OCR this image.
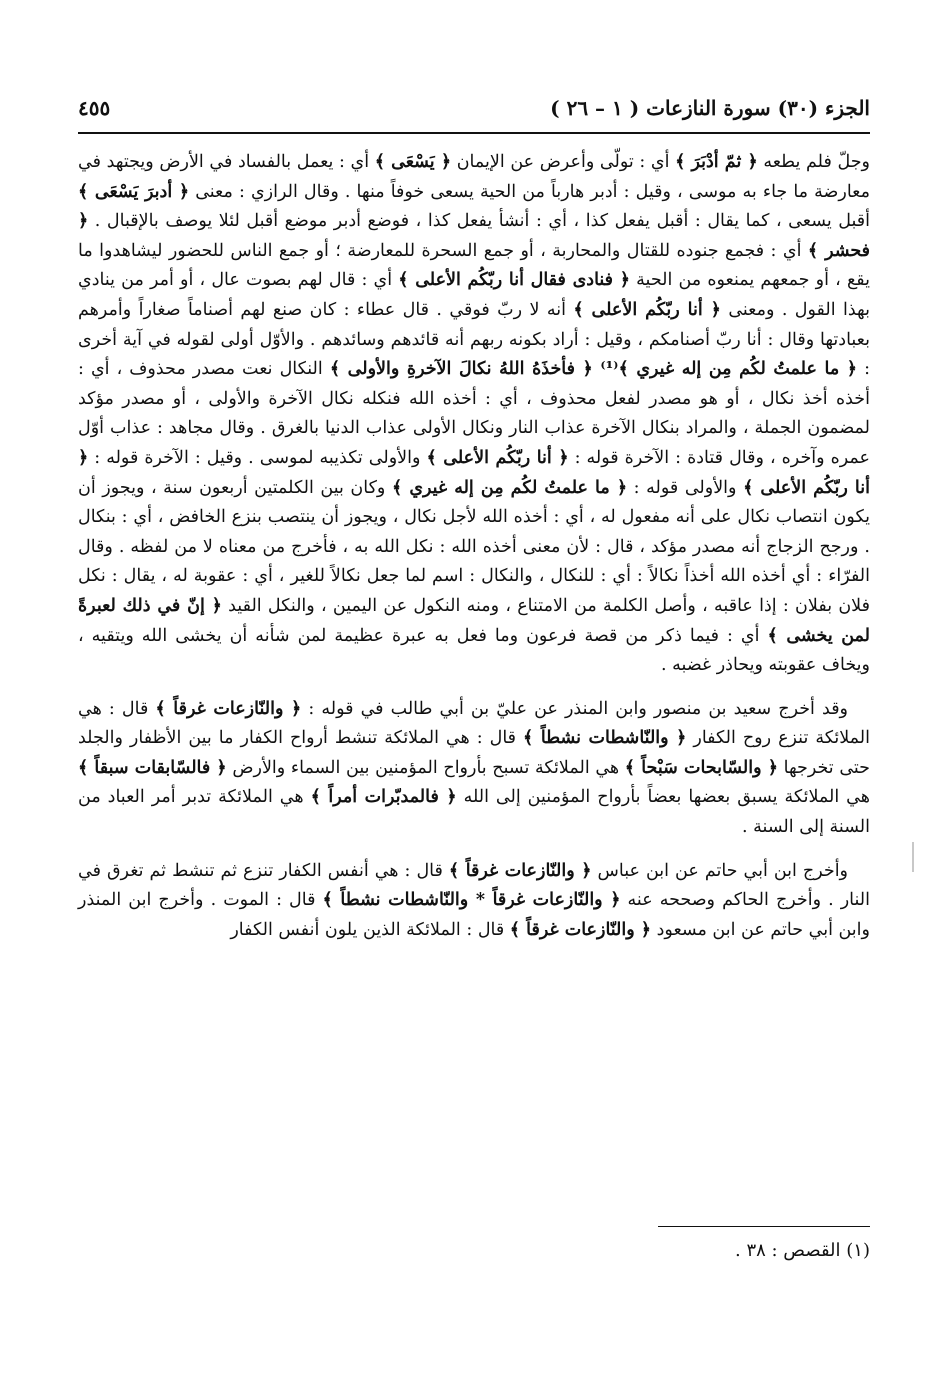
الجزء (٣٠) سورة النازعات ( ١ – ٢٦ )
٤٥٥

وجلّ فلم يطعه ﴿ ثمّ أدْبَرَ ﴾ أي : تولّى وأعرض عن الإيمان ﴿ يَسْعَى ﴾ أي : يعمل بالفساد في الأرض ويجتهد في معارضة ما جاء به موسى ، وقيل : أدبر هارباً من الحية يسعى خوفاً منها . وقال الرازي : معنى ﴿ أدبرَ يَسْعَى ﴾ أقبل يسعى ، كما يقال : أقبل يفعل كذا ، أي : أنشأ يفعل كذا ، فوضع أدبر موضع أقبل لئلا يوصف بالإقبال . ﴿ فحشر ﴾ أي : فجمع جنوده للقتال والمحاربة ، أو جمع السحرة للمعارضة ؛ أو جمع الناس للحضور ليشاهدوا ما يقع ، أو جمعهم يمنعوه من الحية ﴿ فنادى فقال أنا ربّكُم الأعلى ﴾ أي : قال لهم بصوت عال ، أو أمر من ينادي بهذا القول . ومعنى ﴿ أنا ربّكُم الأعلى ﴾ أنه لا ربّ فوقي . قال عطاء : كان صنع لهم أصناماً صغاراً وأمرهم بعبادتها وقال : أنا ربّ أصنامكم ، وقيل : أراد بكونه ربهم أنه قائدهم وسائدهم . والأوّل أولى لقوله في آية أخرى : ﴿ ما علمتُ لكُم مِن إله غيري ﴾⁽¹⁾ ﴿ فأخذَهُ اللهُ نكالَ الآخرةِ والأولى ﴾ النكال نعت مصدر محذوف ، أي : أخذه أخذ نكال ، أو هو مصدر لفعل محذوف ، أي : أخذه الله فنكله نكال الآخرة والأولى ، أو مصدر مؤكد لمضمون الجملة ، والمراد بنكال الآخرة عذاب النار ونكال الأولى عذاب الدنيا بالغرق . وقال مجاهد : عذاب أوّل عمره وآخره ، وقال قتادة : الآخرة قوله : ﴿ أنا ربّكُم الأعلى ﴾ والأولى تكذيبه لموسى . وقيل : الآخرة قوله : ﴿ أنا ربّكُم الأعلى ﴾ والأولى قوله : ﴿ ما علمتُ لكُم مِن إله غيري ﴾ وكان بين الكلمتين أربعون سنة ، ويجوز أن يكون انتصاب نكال على أنه مفعول له ، أي : أخذه الله لأجل نكال ، ويجوز أن ينتصب بنزع الخافض ، أي : بنكال . ورجح الزجاج أنه مصدر مؤكد ، قال : لأن معنى أخذه الله : نكل الله به ، فأخرج من معناه لا من لفظه . وقال الفرّاء : أي أخذه الله أخذاً نكالاً : أي : للنكال ، والنكال : اسم لما جعل نكالاً للغير ، أي : عقوبة له ، يقال : نكل فلان بفلان : إذا عاقبه ، وأصل الكلمة من الامتناع ، ومنه النكول عن اليمين ، والنكل القيد ﴿ إنّ في ذلك لعبرةً لمن يخشى ﴾ أي : فيما ذكر من قصة فرعون وما فعل به عبرة عظيمة لمن شأنه أن يخشى الله ويتقيه ، ويخاف عقوبته ويحاذر غضبه .

وقد أخرج سعيد بن منصور وابن المنذر عن عليّ بن أبي طالب في قوله : ﴿ والنّازعات غرقاً ﴾ قال : هي الملائكة تنزع روح الكفار ﴿ والنّاشطات نشطاً ﴾ قال : هي الملائكة تنشط أرواح الكفار ما بين الأظفار والجلد حتى تخرجها ﴿ والسّابحات سَبْحاً ﴾ هي الملائكة تسبح بأرواح المؤمنين بين السماء والأرض ﴿ فالسّابقات سبقاً ﴾ هي الملائكة يسبق بعضها بعضاً بأرواح المؤمنين إلى الله ﴿ فالمدبّرات أمراً ﴾ هي الملائكة تدبر أمر العباد من السنة إلى السنة .

وأخرج ابن أبي حاتم عن ابن عباس ﴿ والنّازعات غرقاً ﴾ قال : هي أنفس الكفار تنزع ثم تنشط ثم تغرق في النار . وأخرج الحاكم وصححه عنه ﴿ والنّازعات غرقاً * والنّاشطات نشطاً ﴾ قال : الموت . وأخرج ابن المنذر وابن أبي حاتم عن ابن مسعود ﴿ والنّازعات غرقاً ﴾ قال : الملائكة الذين يلون أنفس الكفار

(١) القصص : ٣٨ .
